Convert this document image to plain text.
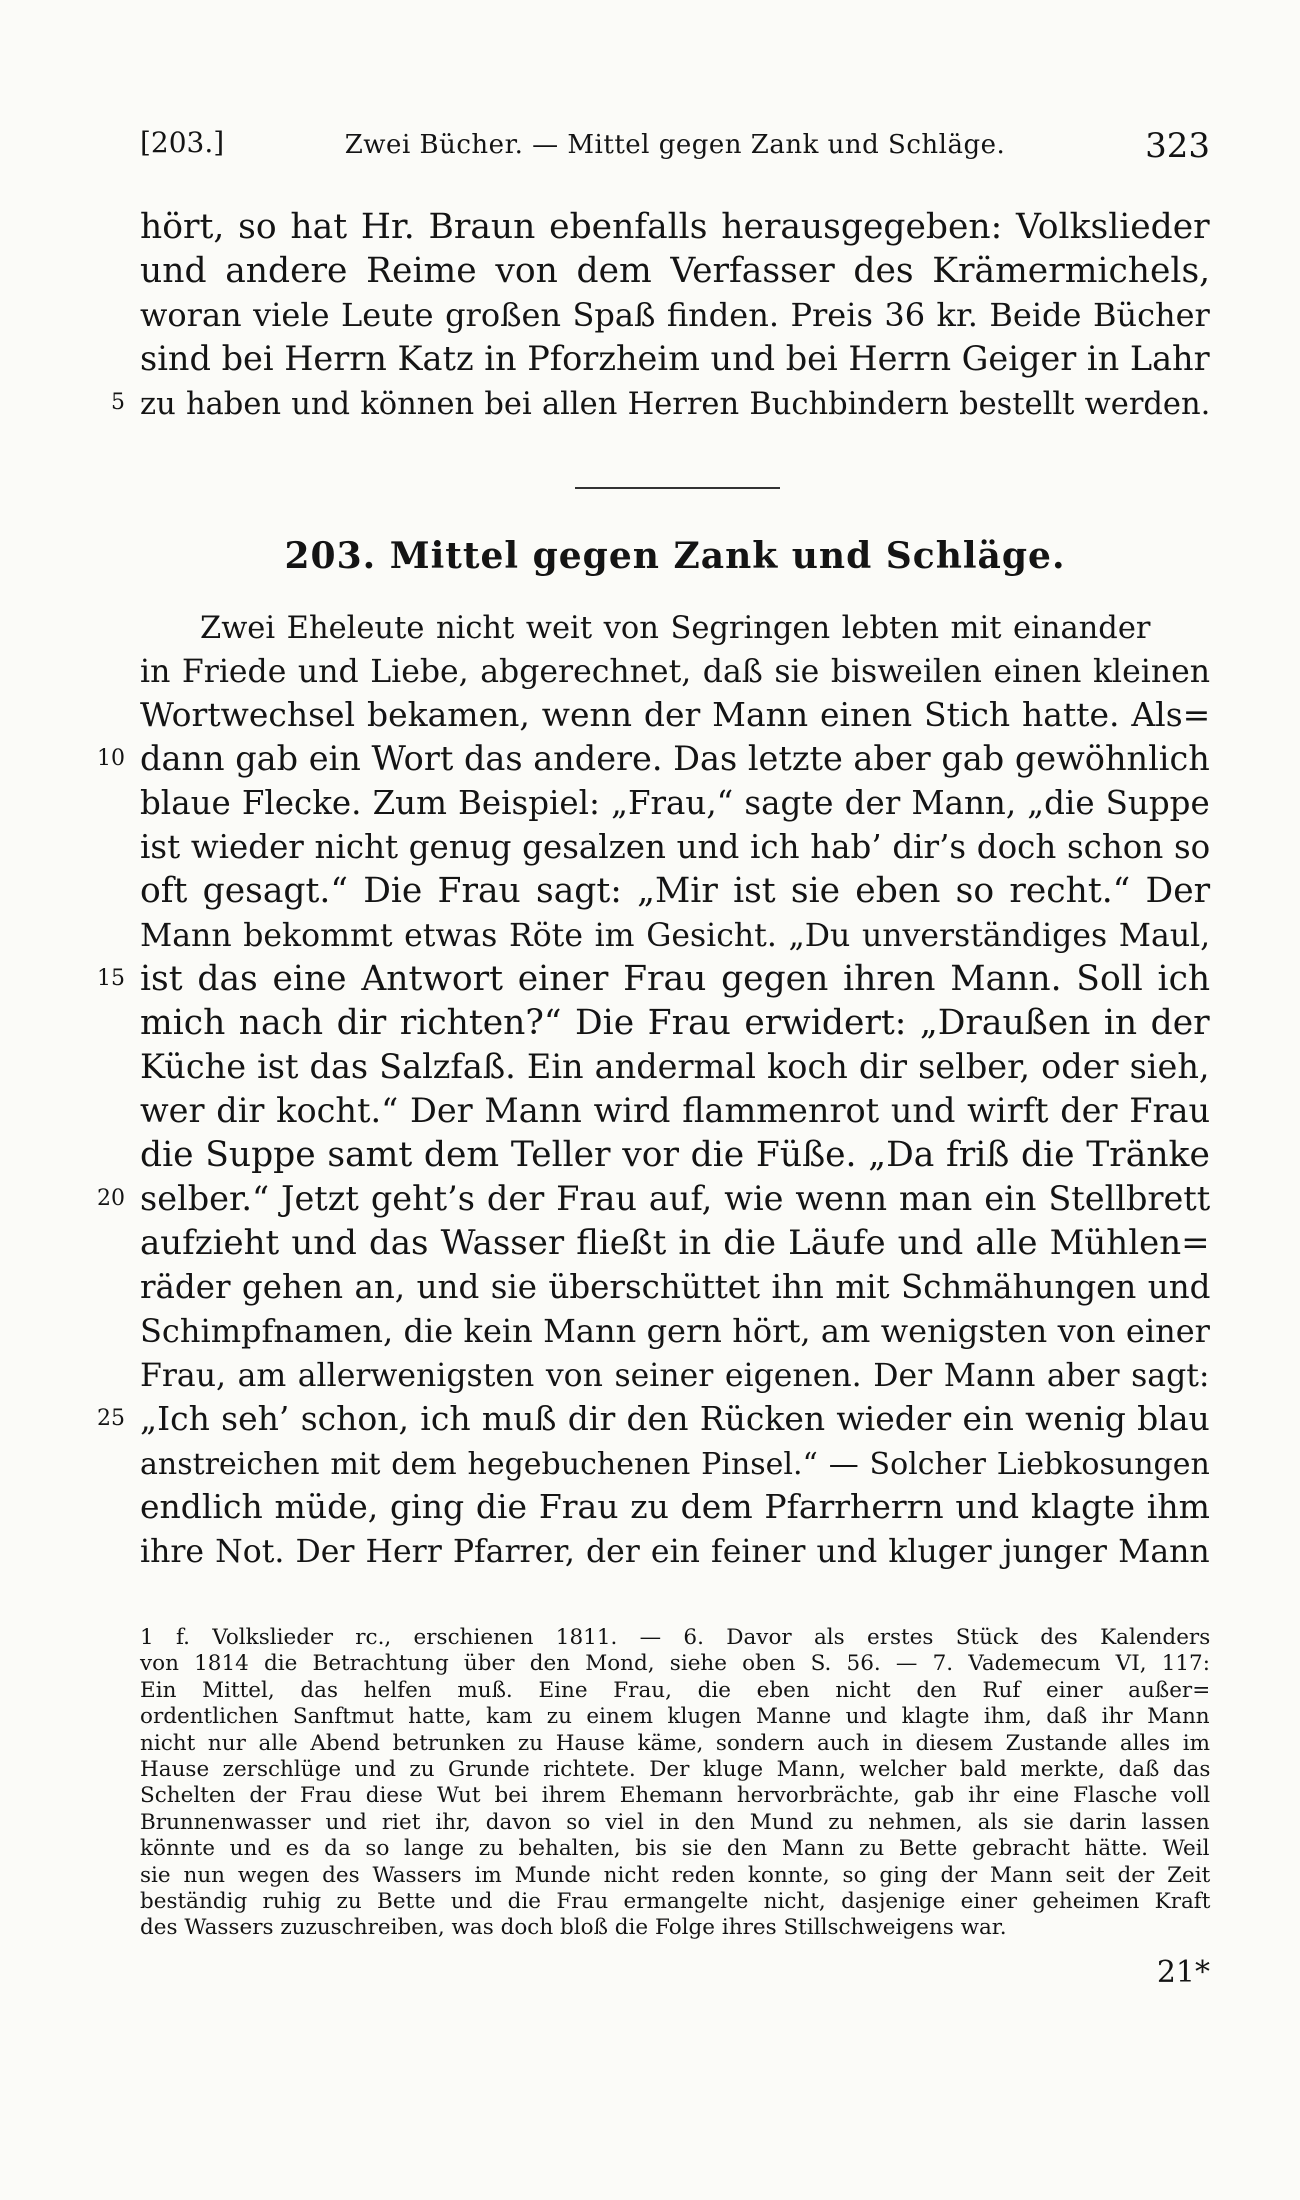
[203.]	Zwei Bücher. — Mittel gegen Zank und Schläge.	323
hört, so hat Hr. Braun ebenfalls herausgegeben: Volkslieder
und andere Reime von dem Verfasser des Krämermichels,
woran viele Leute großen Spaß finden. Preis 36 kr. Beide Bücher
sind bei Herrn Katz in Pforzheim und bei Herrn Geiger in Lahr
5 zu haben und können bei allen Herren Buchbindern bestellt werden.
203. Mittel gegen Zank und Schläge.
Zwei Eheleute nicht weit von Segringen lebten mit einander
in Friede und Liebe, abgerechnet, daß sie bisweilen einen kleinen
Wortwechsel bekamen, wenn der Mann einen Stich hatte. Als=
10 dann gab ein Wort das andere. Das letzte aber gab gewöhnlich
blaue Flecke. Zum Beispiel: „Frau,“ sagte der Mann, „die Suppe
ist wieder nicht genug gesalzen und ich hab’ dir’s doch schon so
oft gesagt.“ Die Frau sagt: „Mir ist sie eben so recht.“ Der
Mann bekommt etwas Röte im Gesicht. „Du unverständiges Maul,
15 ist das eine Antwort einer Frau gegen ihren Mann. Soll ich
mich nach dir richten?“ Die Frau erwidert: „Draußen in der
Küche ist das Salzfaß. Ein andermal koch dir selber, oder sieh,
wer dir kocht.“ Der Mann wird flammenrot und wirft der Frau
die Suppe samt dem Teller vor die Füße. „Da friß die Tränke
20 selber.“ Jetzt geht’s der Frau auf, wie wenn man ein Stellbrett
aufzieht und das Wasser fließt in die Läufe und alle Mühlen=
räder gehen an, und sie überschüttet ihn mit Schmähungen und
Schimpfnamen, die kein Mann gern hört, am wenigsten von einer
Frau, am allerwenigsten von seiner eigenen. Der Mann aber sagt:
25 „Ich seh’ schon, ich muß dir den Rücken wieder ein wenig blau
anstreichen mit dem hegebuchenen Pinsel.“ — Solcher Liebkosungen
endlich müde, ging die Frau zu dem Pfarrherrn und klagte ihm
ihre Not. Der Herr Pfarrer, der ein feiner und kluger junger Mann
1 f. Volkslieder rc., erschienen 1811. — 6. Davor als erstes Stück des Kalendersvon 1814 die Betrachtung über den Mond, siehe oben S. 56. — 7. Vademecum VI, 117:Ein Mittel, das helfen muß. Eine Frau, die eben nicht den Ruf einer außer=ordentlichen Sanftmut hatte, kam zu einem klugen Manne und klagte ihm, daß ihr Mannnicht nur alle Abend betrunken zu Hause käme, sondern auch in diesem Zustande alles imHause zerschlüge und zu Grunde richtete. Der kluge Mann, welcher bald merkte, daß dasSchelten der Frau diese Wut bei ihrem Ehemann hervorbrächte, gab ihr eine Flasche vollBrunnenwasser und riet ihr, davon so viel in den Mund zu nehmen, als sie darin lassenkönnte und es da so lange zu behalten, bis sie den Mann zu Bette gebracht hätte. Weilsie nun wegen des Wassers im Munde nicht reden konnte, so ging der Mann seit der Zeitbeständig ruhig zu Bette und die Frau ermangelte nicht, dasjenige einer geheimen Kraftdes Wassers zuzuschreiben, was doch bloß die Folge ihres Stillschweigens war.
21*
